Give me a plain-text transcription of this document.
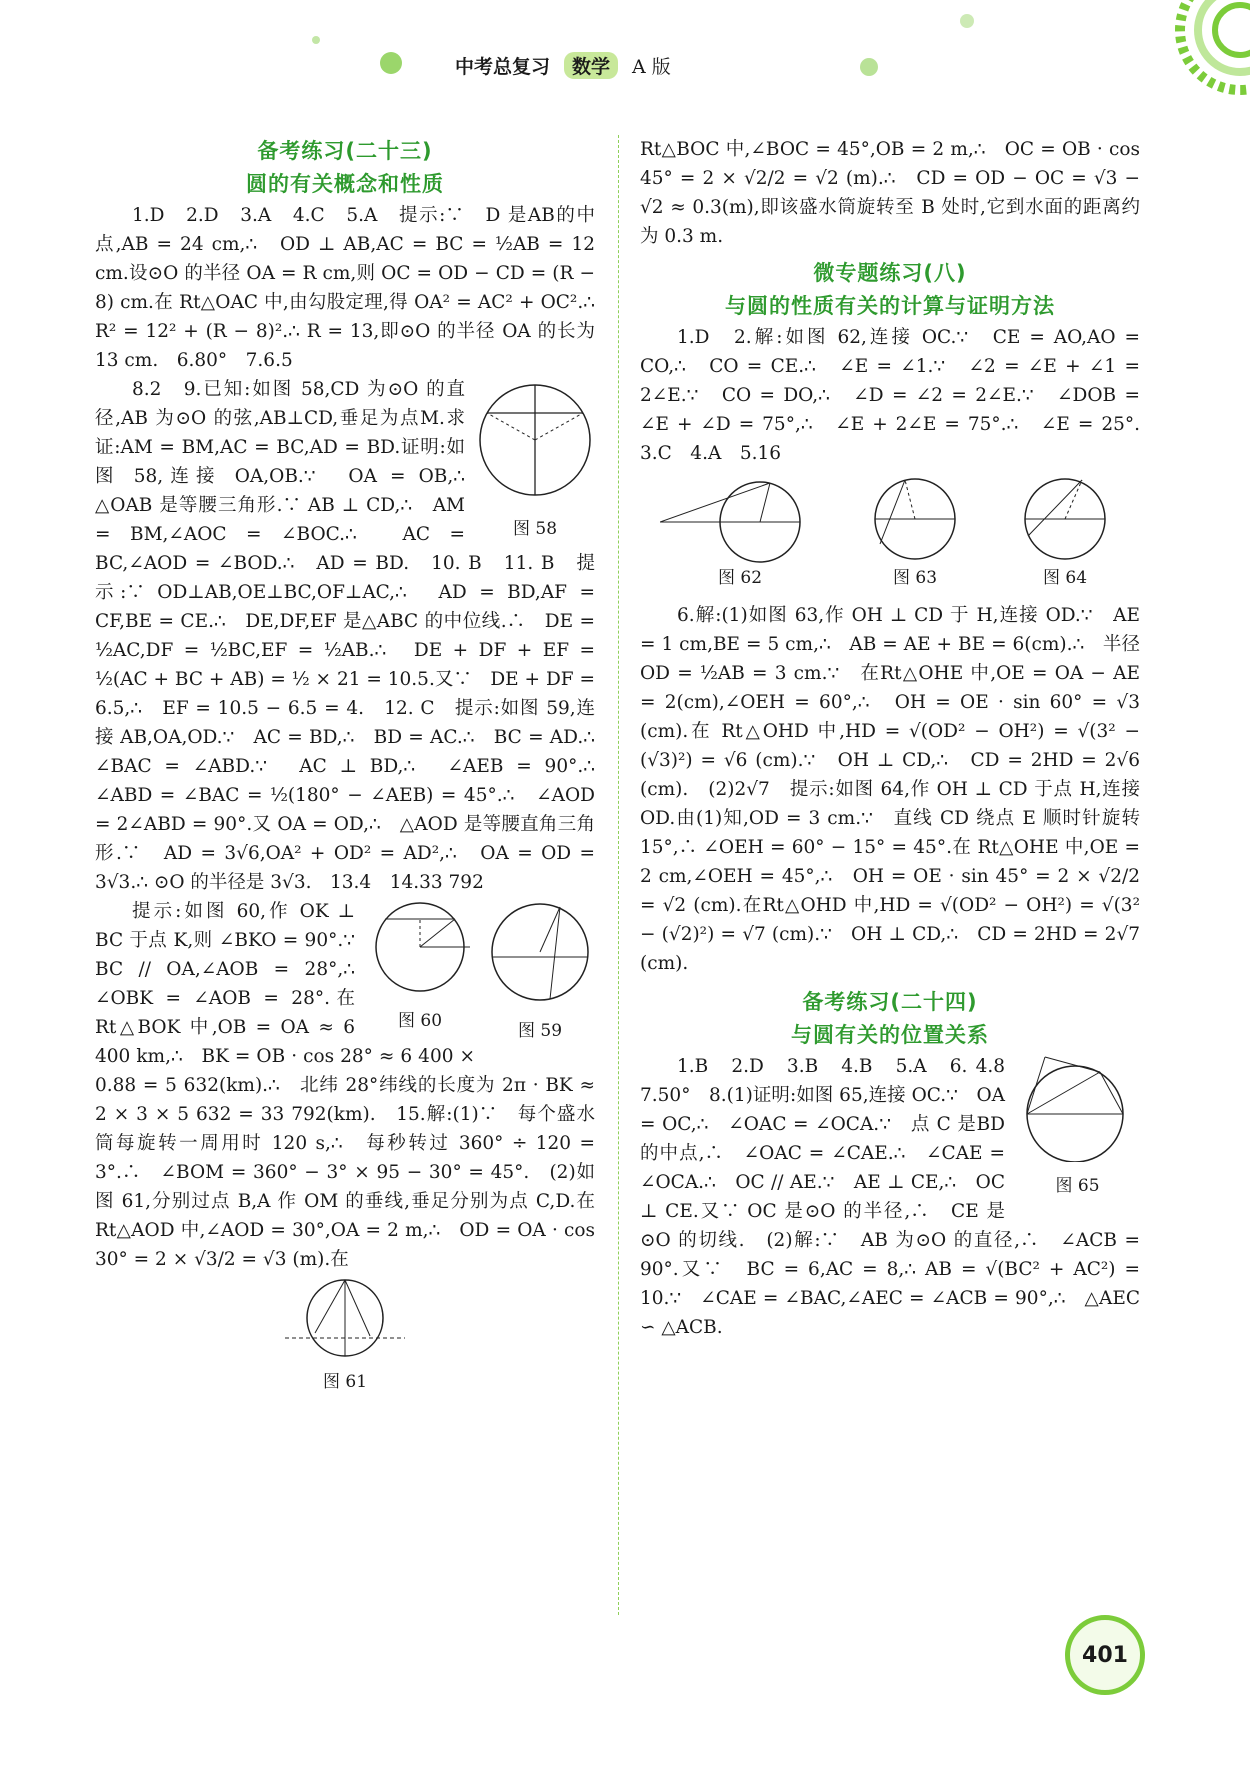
中考总复习	数学	A 版
备考练习(二十三)
圆的有关概念和性质

1.D　2.D　3.A　4.C　5.A　提示:∵　D 是AB的中点,AB = 24 cm,∴　OD ⊥ AB,AC = BC = ½AB = 12 cm.设⊙O 的半径 OA = R cm,则 OC = OD − CD = (R − 8) cm.在 Rt△OAC 中,由勾股定理,得 OA² = AC² + OC².∴　R² = 12² + (R − 8)².∴ R = 13,即⊙O 的半径 OA 的长为 13 cm.　6.80°　7.6.5

图 58

8.2　9.已知:如图 58,CD 为⊙O 的直径,AB 为⊙O 的弦,AB⊥CD,垂足为点M.求证:AM = BM,AC = BC,AD = BD.证明:如图 58,连接 OA,OB.∵　OA = OB,∴　△OAB 是等腰三角形.∵ AB ⊥ CD,∴　AM = BM,∠AOC = ∠BOC.∴　AC = BC,∠AOD = ∠BOD.∴　AD = BD.　10. B　11. B　提示:∵ OD⊥AB,OE⊥BC,OF⊥AC,∴　AD = BD,AF = CF,BE = CE.∴　DE,DF,EF 是△ABC 的中位线.∴　DE = ½AC,DF = ½BC,EF = ½AB.∴　DE + DF + EF = ½(AC + BC + AB) = ½ × 21 = 10.5.又∵　DE + DF = 6.5,∴　EF = 10.5 − 6.5 = 4.　12. C　提示:如图 59,连接 AB,OA,OD.∵　AC = BD,∴　BD = AC.∴　BC = AD.∴　∠BAC = ∠ABD.∵　AC ⊥ BD,∴　∠AEB = 90°.∴　∠ABD = ∠BAC = ½(180° − ∠AEB) = 45°.∴　∠AOD = 2∠ABD = 90°.又 OA = OD,∴　△AOD 是等腰直角三角形.∵　AD = 3√6,OA² + OD² = AD²,∴　OA = OD = 3√3.∴ ⊙O 的半径是 3√3.　13.4　14.33 792

图 59
图 60

提示:如图 60,作 OK ⊥ BC 于点 K,则 ∠BKO = 90°.∵　BC // OA,∠AOB = 28°,∴　∠OBK = ∠AOB = 28°.在Rt△BOK 中,OB = OA ≈ 6 400 km,∴　BK = OB · cos 28° ≈ 6 400 × 0.88 = 5 632(km).∴　北纬 28°纬线的长度为 2π · BK ≈ 2 × 3 × 5 632 = 33 792(km).　15.解:(1)∵　每个盛水筒每旋转一周用时 120 s,∴　每秒转过 360° ÷ 120 = 3°.∴　∠BOM = 360° − 3° × 95 − 30° = 45°.　(2)如图 61,分别过点 B,A 作 OM 的垂线,垂足分别为点 C,D.在Rt△AOD 中,∠AOD = 30°,OA = 2 m,∴　OD = OA · cos 30° = 2 × √3/2 = √3 (m).在

图 61

Rt△BOC 中,∠BOC = 45°,OB = 2 m,∴　OC = OB · cos 45° = 2 × √2/2 = √2 (m).∴　CD = OD − OC = √3 − √2 ≈ 0.3(m),即该盛水筒旋转至 B 处时,它到水面的距离约为 0.3 m.

微专题练习(八)
与圆的性质有关的计算与证明方法

1.D　2.解:如图 62,连接 OC.∵　CE = AO,AO = CO,∴　CO = CE.∴　∠E = ∠1.∵　∠2 = ∠E + ∠1 = 2∠E.∵　CO = DO,∴　∠D = ∠2 = 2∠E.∵　∠DOB = ∠E + ∠D = 75°,∴　∠E + 2∠E = 75°.∴　∠E = 25°.　3.C　4.A　5.16

图 62	图 63	图 64

6.解:(1)如图 63,作 OH ⊥ CD 于 H,连接 OD.∵　AE = 1 cm,BE = 5 cm,∴　AB = AE + BE = 6(cm).∴　半径 OD = ½AB = 3 cm.∵　在Rt△OHE 中,OE = OA − AE = 2(cm),∠OEH = 60°,∴　OH = OE · sin 60° = √3 (cm).在 Rt△OHD 中,HD = √(OD² − OH²) = √(3² − (√3)²) = √6 (cm).∵　OH ⊥ CD,∴　CD = 2HD = 2√6 (cm).　(2)2√7　提示:如图 64,作 OH ⊥ CD 于点 H,连接 OD.由(1)知,OD = 3 cm.∵　直线 CD 绕点 E 顺时针旋转 15°,∴ ∠OEH = 60° − 15° = 45°.在 Rt△OHE 中,OE = 2 cm,∠OEH = 45°,∴　OH = OE · sin 45° = 2 × √2/2 = √2 (cm).在Rt△OHD 中,HD = √(OD² − OH²) = √(3² − (√2)²) = √7 (cm).∵　OH ⊥ CD,∴　CD = 2HD = 2√7 (cm).

备考练习(二十四)
与圆有关的位置关系
图 65

1.B　2.D　3.B　4.B　5.A　6. 4.8　7.50°　8.(1)证明:如图 65,连接 OC.∵　OA = OC,∴　∠OAC = ∠OCA.∵　点 C 是BD的中点,∴　∠OAC = ∠CAE.∴　∠CAE = ∠OCA.∴　OC // AE.∵　AE ⊥ CE,∴　OC ⊥ CE.又∵ OC 是⊙O 的半径,∴　CE 是⊙O 的切线.　(2)解:∵　AB 为⊙O 的直径,∴　∠ACB = 90°.又∵　BC = 6,AC = 8,∴ AB = √(BC² + AC²) = 10.∵　∠CAE = ∠BAC,∠AEC = ∠ACB = 90°,∴　△AEC ∽ △ACB.

401
